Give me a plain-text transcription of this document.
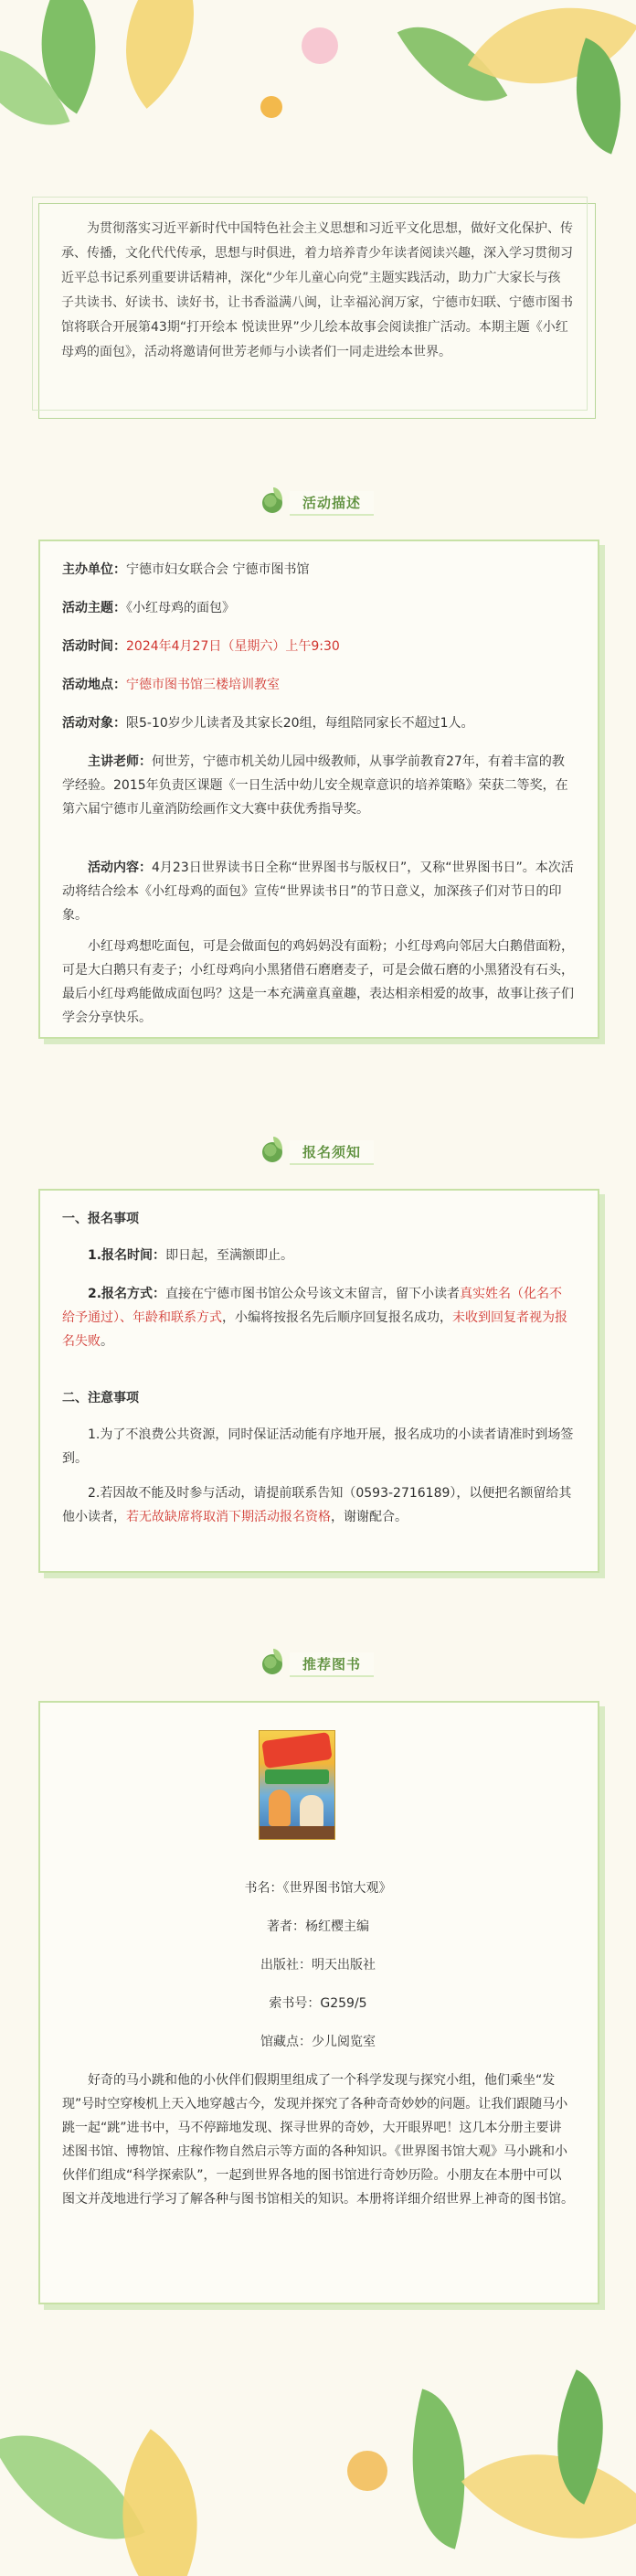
为贯彻落实习近平新时代中国特色社会主义思想和习近平文化思想，做好文化保护、传承、传播，文化代代传承，思想与时俱进，着力培养青少年读者阅读兴趣，深入学习贯彻习近平总书记系列重要讲话精神，深化“少年儿童心向党”主题实践活动，助力广大家长与孩子共读书、好读书、读好书，让书香溢满八闽，让幸福沁润万家，宁德市妇联、宁德市图书馆将联合开展第43期“打开绘本 悦读世界”少儿绘本故事会阅读推广活动。本期主题《小红母鸡的面包》，活动将邀请何世芳老师与小读者们一同走进绘本世界。
活动描述
主办单位：宁德市妇女联合会 宁德市图书馆
活动主题：《小红母鸡的面包》
活动时间：2024年4月27日（星期六）上午9:30
活动地点：宁德市图书馆三楼培训教室
活动对象：限5-10岁少儿读者及其家长20组，每组陪同家长不超过1人。
主讲老师：何世芳，宁德市机关幼儿园中级教师，从事学前教育27年，有着丰富的教学经验。2015年负责区课题《一日生活中幼儿安全规章意识的培养策略》荣获二等奖，在第六届宁德市儿童消防绘画作文大赛中获优秀指导奖。
活动内容：4月23日世界读书日全称“世界图书与版权日”，又称“世界图书日”。本次活动将结合绘本《小红母鸡的面包》宣传“世界读书日”的节日意义，加深孩子们对节日的印象。
小红母鸡想吃面包，可是会做面包的鸡妈妈没有面粉；小红母鸡向邻居大白鹅借面粉，可是大白鹅只有麦子；小红母鸡向小黑猪借石磨磨麦子，可是会做石磨的小黑猪没有石头，最后小红母鸡能做成面包吗？这是一本充满童真童趣，表达相亲相爱的故事，故事让孩子们学会分享快乐。
报名须知
一、报名事项
1.报名时间：即日起，至满额即止。
2.报名方式：直接在宁德市图书馆公众号该文末留言，留下小读者真实姓名（化名不给予通过）、年龄和联系方式，小编将按报名先后顺序回复报名成功，未收到回复者视为报名失败。
二、注意事项
1.为了不浪费公共资源，同时保证活动能有序地开展，报名成功的小读者请准时到场签到。
2.若因故不能及时参与活动，请提前联系告知（0593-2716189），以便把名额留给其他小读者，若无故缺席将取消下期活动报名资格，谢谢配合。
推荐图书
书名：《世界图书馆大观》
著者：杨红樱主编
出版社：明天出版社
索书号：G259/5
馆藏点：少儿阅览室
好奇的马小跳和他的小伙伴们假期里组成了一个科学发现与探究小组，他们乘坐“发现”号时空穿梭机上天入地穿越古今，发现并探究了各种奇奇妙妙的问题。让我们跟随马小跳一起“跳”进书中，马不停蹄地发现、探寻世界的奇妙，大开眼界吧！这几本分册主要讲述图书馆、博物馆、庄稼作物自然启示等方面的各种知识。《世界图书馆大观》马小跳和小伙伴们组成“科学探索队”，一起到世界各地的图书馆进行奇妙历险。小朋友在本册中可以图文并茂地进行学习了解各种与图书馆相关的知识。本册将详细介绍世界上神奇的图书馆。
